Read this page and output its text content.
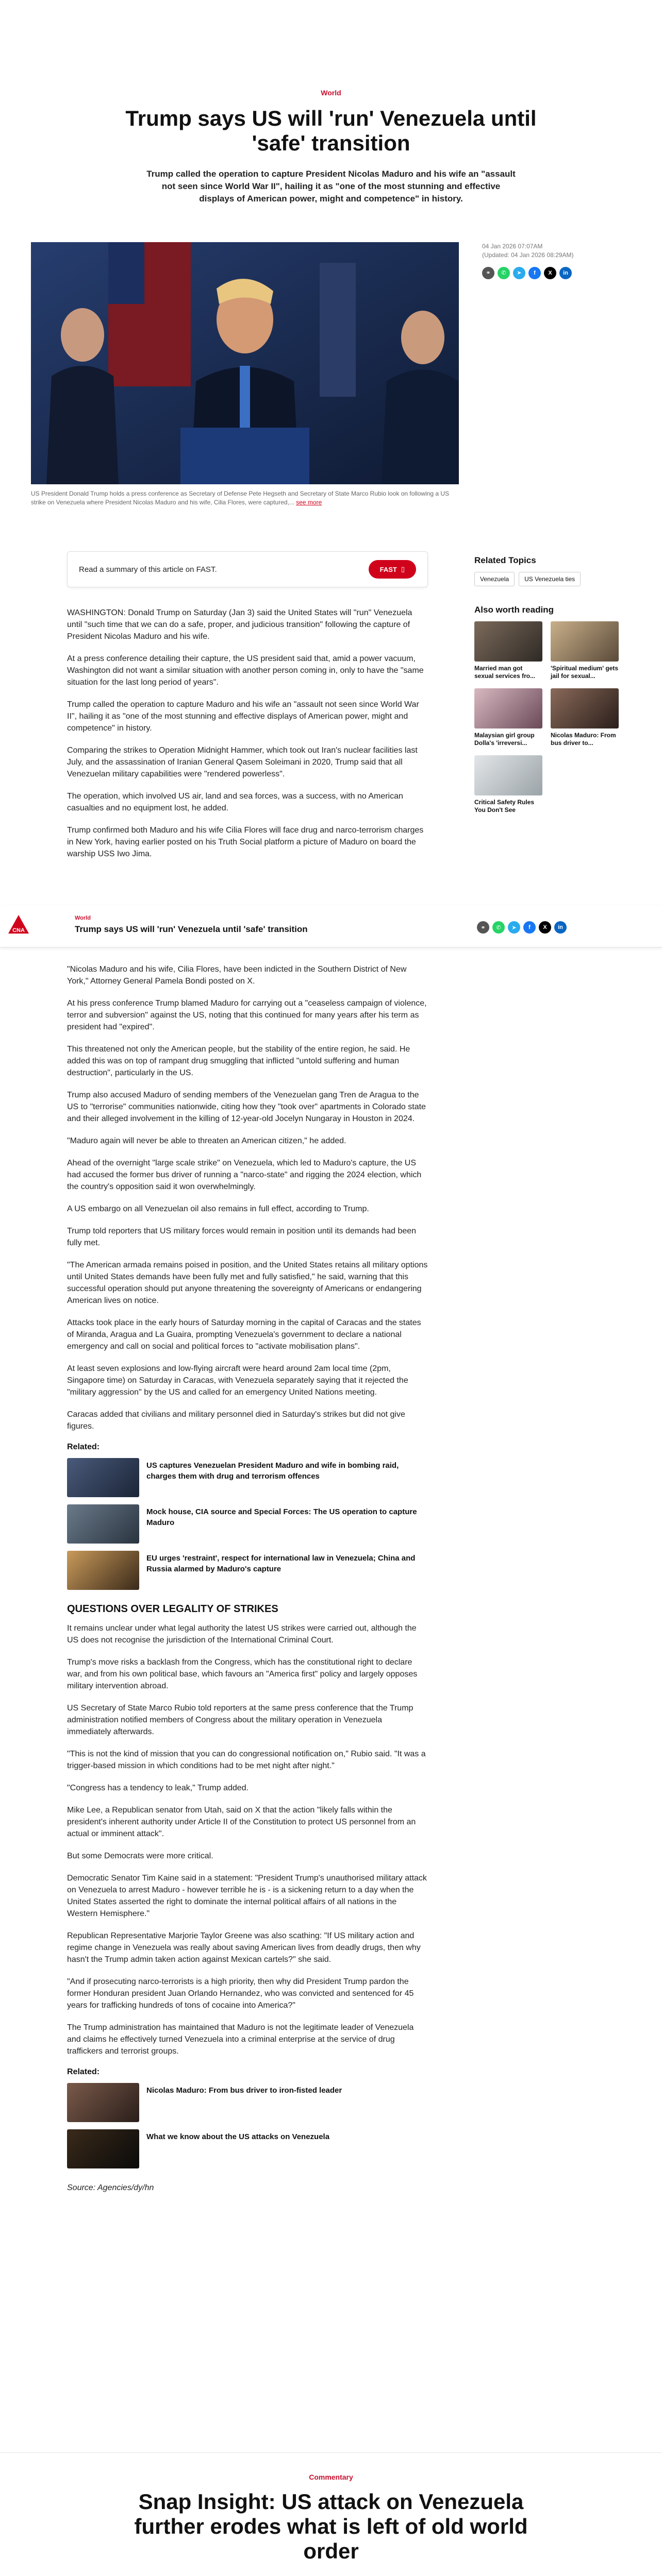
World
Trump says US will 'run' Venezuela until 'safe' transition

Trump called the operation to capture President Nicolas Maduro and his wife an "assault not seen since World War II", hailing it as "one of the most stunning and effective displays of American power, might and competence" in history.

US President Donald Trump holds a press conference as Secretary of Defense Pete Hegseth and Secretary of State Marco Rubio look on following a US strike on Venezuela where President Nicolas Maduro and his wife, Cilia Flores, were captured,... see more
04 Jan 2026 07:07AM
(Updated: 04 Jan 2026 08:29AM)
⚭	✆	➤	f	X	in
Read a summary of this article on FAST.	FAST ▯

WASHINGTON: Donald Trump on Saturday (Jan 3) said the United States will "run" Venezuela until "such time that we can do a safe, proper, and judicious transition" following the capture of President Nicolas Maduro and his wife.

At a press conference detailing their capture, the US president said that, amid a power vacuum, Washington did not want a similar situation with another person coming in, only to have the "same situation for the last long period of years".

Trump called the operation to capture Maduro and his wife an "assault not seen since World War II", hailing it as "one of the most stunning and effective displays of American power, might and competence" in history.

Comparing the strikes to Operation Midnight Hammer, which took out Iran's nuclear facilities last July, and the assassination of Iranian General Qasem Soleimani in 2020, Trump said that all Venezuelan military capabilities were "rendered powerless".

The operation, which involved US air, land and sea forces, was a success, with no American casualties and no equipment lost, he added.

Trump confirmed both Maduro and his wife Cilia Flores will face drug and narco-terrorism charges in New York, having earlier posted on his Truth Social platform a picture of Maduro on board the warship USS Iwo Jima.

Related Topics
Venezuela	US Venezuela ties
Also worth reading
Married man got sexual services fro...
'Spiritual medium' gets jail for sexual...
Malaysian girl group Dolla's 'irreversi...
Nicolas Maduro: From bus driver to...
Critical Safety Rules You Don't See
CNA
World
Trump says US will 'run' Venezuela until 'safe' transition	⚭	✆	➤	f	X	in

"Nicolas Maduro and his wife, Cilia Flores, have been indicted in the Southern District of New York," Attorney General Pamela Bondi posted on X.

At his press conference Trump blamed Maduro for carrying out a "ceaseless campaign of violence, terror and subversion" against the US, noting that this continued for many years after his term as president had "expired".

This threatened not only the American people, but the stability of the entire region, he said. He added this was on top of rampant drug smuggling that inflicted "untold suffering and human destruction", particularly in the US.

Trump also accused Maduro of sending members of the Venezuelan gang Tren de Aragua to the US to "terrorise" communities nationwide, citing how they "took over" apartments in Colorado state and their alleged involvement in the killing of 12-year-old Jocelyn Nungaray in Houston in 2024.

"Maduro again will never be able to threaten an American citizen," he added.

Ahead of the overnight "large scale strike" on Venezuela, which led to Maduro's capture, the US had accused the former bus driver of running a "narco-state" and rigging the 2024 election, which the country's opposition said it won overwhelmingly.

A US embargo on all Venezuelan oil also remains in full effect, according to Trump.

Trump told reporters that US military forces would remain in position until its demands had been fully met.

"The American armada remains poised in position, and the United States retains all military options until United States demands have been fully met and fully satisfied," he said, warning that this successful operation should put anyone threatening the sovereignty of Americans or endangering American lives on notice.

Attacks took place in the early hours of Saturday morning in the capital of Caracas and the states of Miranda, Aragua and La Guaira, prompting Venezuela's government to declare a national emergency and call on social and political forces to "activate mobilisation plans".

At least seven explosions and low-flying aircraft were heard around 2am local time (2pm, Singapore time) on Saturday in Caracas, with Venezuela separately saying that it rejected the "military aggression" by the US and called for an emergency United Nations meeting.

Caracas added that civilians and military personnel died in Saturday's strikes but did not give figures.

Related:
US captures Venezuelan President Maduro and wife in bombing raid, charges them with drug and terrorism offences
Mock house, CIA source and Special Forces: The US operation to capture Maduro
EU urges 'restraint', respect for international law in Venezuela; China and Russia alarmed by Maduro's capture
QUESTIONS OVER LEGALITY OF STRIKES

It remains unclear under what legal authority the latest US strikes were carried out, although the US does not recognise the jurisdiction of the International Criminal Court.

Trump's move risks a backlash from the Congress, which has the constitutional right to declare war, and from his own political base, which favours an "America first" policy and largely opposes military intervention abroad.

US Secretary of State Marco Rubio told reporters at the same press conference that the Trump administration notified members of Congress about the military operation in Venezuela immediately afterwards.

"This is not the kind of mission that you can do congressional notification on," Rubio said. "It was a trigger-based mission in which conditions had to be met night after night."

"Congress has a tendency to leak," Trump added.

Mike Lee, a Republican senator from Utah, said on X that the action "likely falls within the president's inherent authority under Article II of the Constitution to protect US personnel from an actual or imminent attack".

But some Democrats were more critical.

Democratic Senator Tim Kaine said in a statement: "President Trump's unauthorised military attack on Venezuela to arrest Maduro - however terrible he is - is a sickening return to a day when the United States asserted the right to dominate the internal political affairs of all nations in the Western Hemisphere."

Republican Representative Marjorie Taylor Greene was also scathing: "If US military action and regime change in Venezuela was really about saving American lives from deadly drugs, then why hasn't the Trump admin taken action against Mexican cartels?" she said.

"And if prosecuting narco-terrorists is a high priority, then why did President Trump pardon the former Honduran president Juan Orlando Hernandez, who was convicted and sentenced for 45 years for trafficking hundreds of tons of cocaine into America?"

The Trump administration has maintained that Maduro is not the legitimate leader of Venezuela and claims he effectively turned Venezuela into a criminal enterprise at the service of drug traffickers and terrorist groups.

Related:
Nicolas Maduro: From bus driver to iron-fisted leader
What we know about the US attacks on Venezuela

Source: Agencies/dy/hn

Commentary
Snap Insight: US attack on Venezuela further erodes what is left of old world order
